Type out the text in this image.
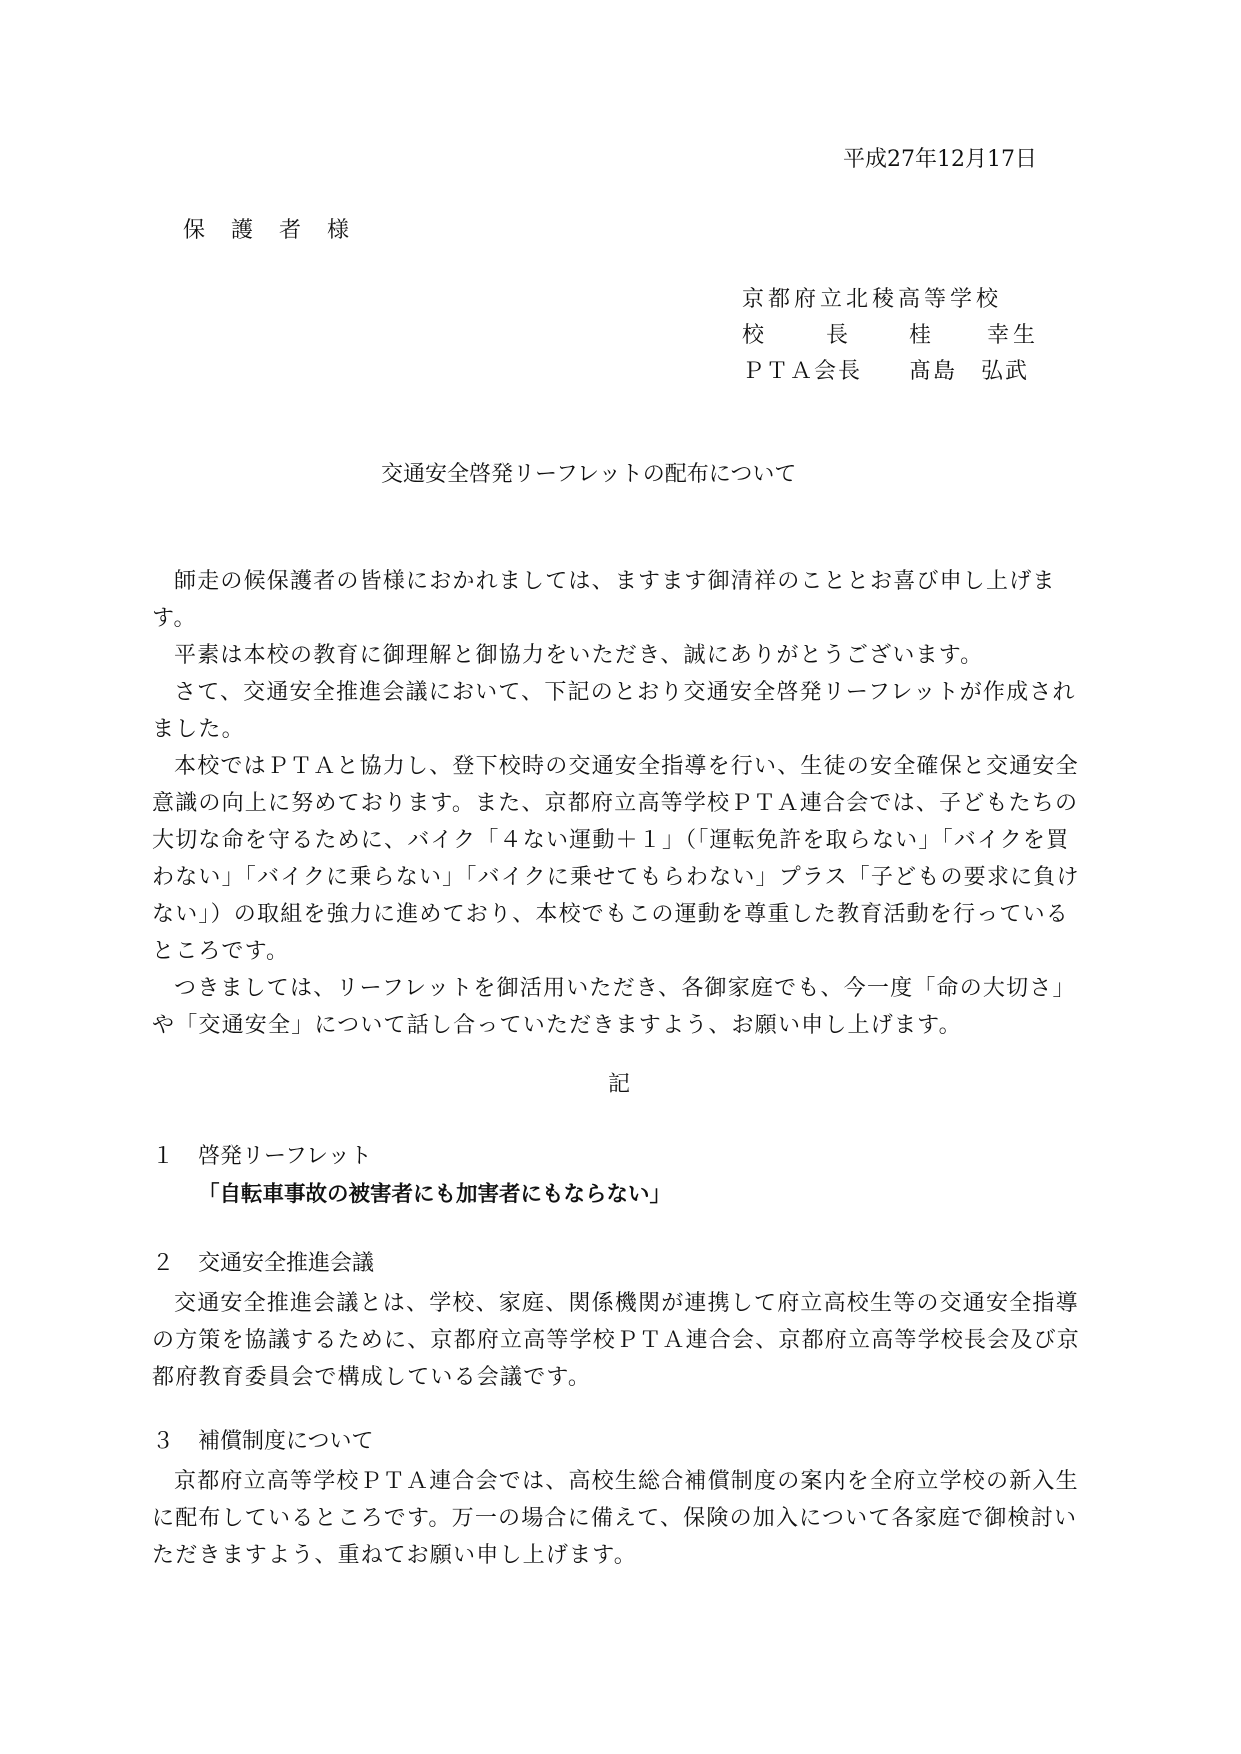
平成27年12月17日
保　護　者　様
京都府立北稜高等学校
校　　長 桂　　幸生
ＰＴＡ会長 髙島　弘武
交通安全啓発リーフレットの配布について

師走の候保護者の皆様におかれましては、ますます御清祥のこととお喜び申し上げます。

平素は本校の教育に御理解と御協力をいただき、誠にありがとうございます。

さて、交通安全推進会議において、下記のとおり交通安全啓発リーフレットが作成されました。

本校ではＰＴＡと協力し、登下校時の交通安全指導を行い、生徒の安全確保と交通安全意識の向上に努めております。また、京都府立高等学校ＰＴＡ連合会では、子どもたちの大切な命を守るために、バイク「４ない運動＋１」（「運転免許を取らない」「バイクを買わない」「バイクに乗らない」「バイクに乗せてもらわない」プラス「子どもの要求に負けない」）の取組を強力に進めており、本校でもこの運動を尊重した教育活動を行っているところです。

つきましては、リーフレットを御活用いただき、各御家庭でも、今一度「命の大切さ」や「交通安全」について話し合っていただきますよう、お願い申し上げます。

記
１ 啓発リーフレット
「自転車事故の被害者にも加害者にもならない」
２ 交通安全推進会議

交通安全推進会議とは、学校、家庭、関係機関が連携して府立高校生等の交通安全指導の方策を協議するために、京都府立高等学校ＰＴＡ連合会、京都府立高等学校長会及び京都府教育委員会で構成している会議です。

３ 補償制度について

京都府立高等学校ＰＴＡ連合会では、高校生総合補償制度の案内を全府立学校の新入生に配布しているところです。万一の場合に備えて、保険の加入について各家庭で御検討いただきますよう、重ねてお願い申し上げます。
